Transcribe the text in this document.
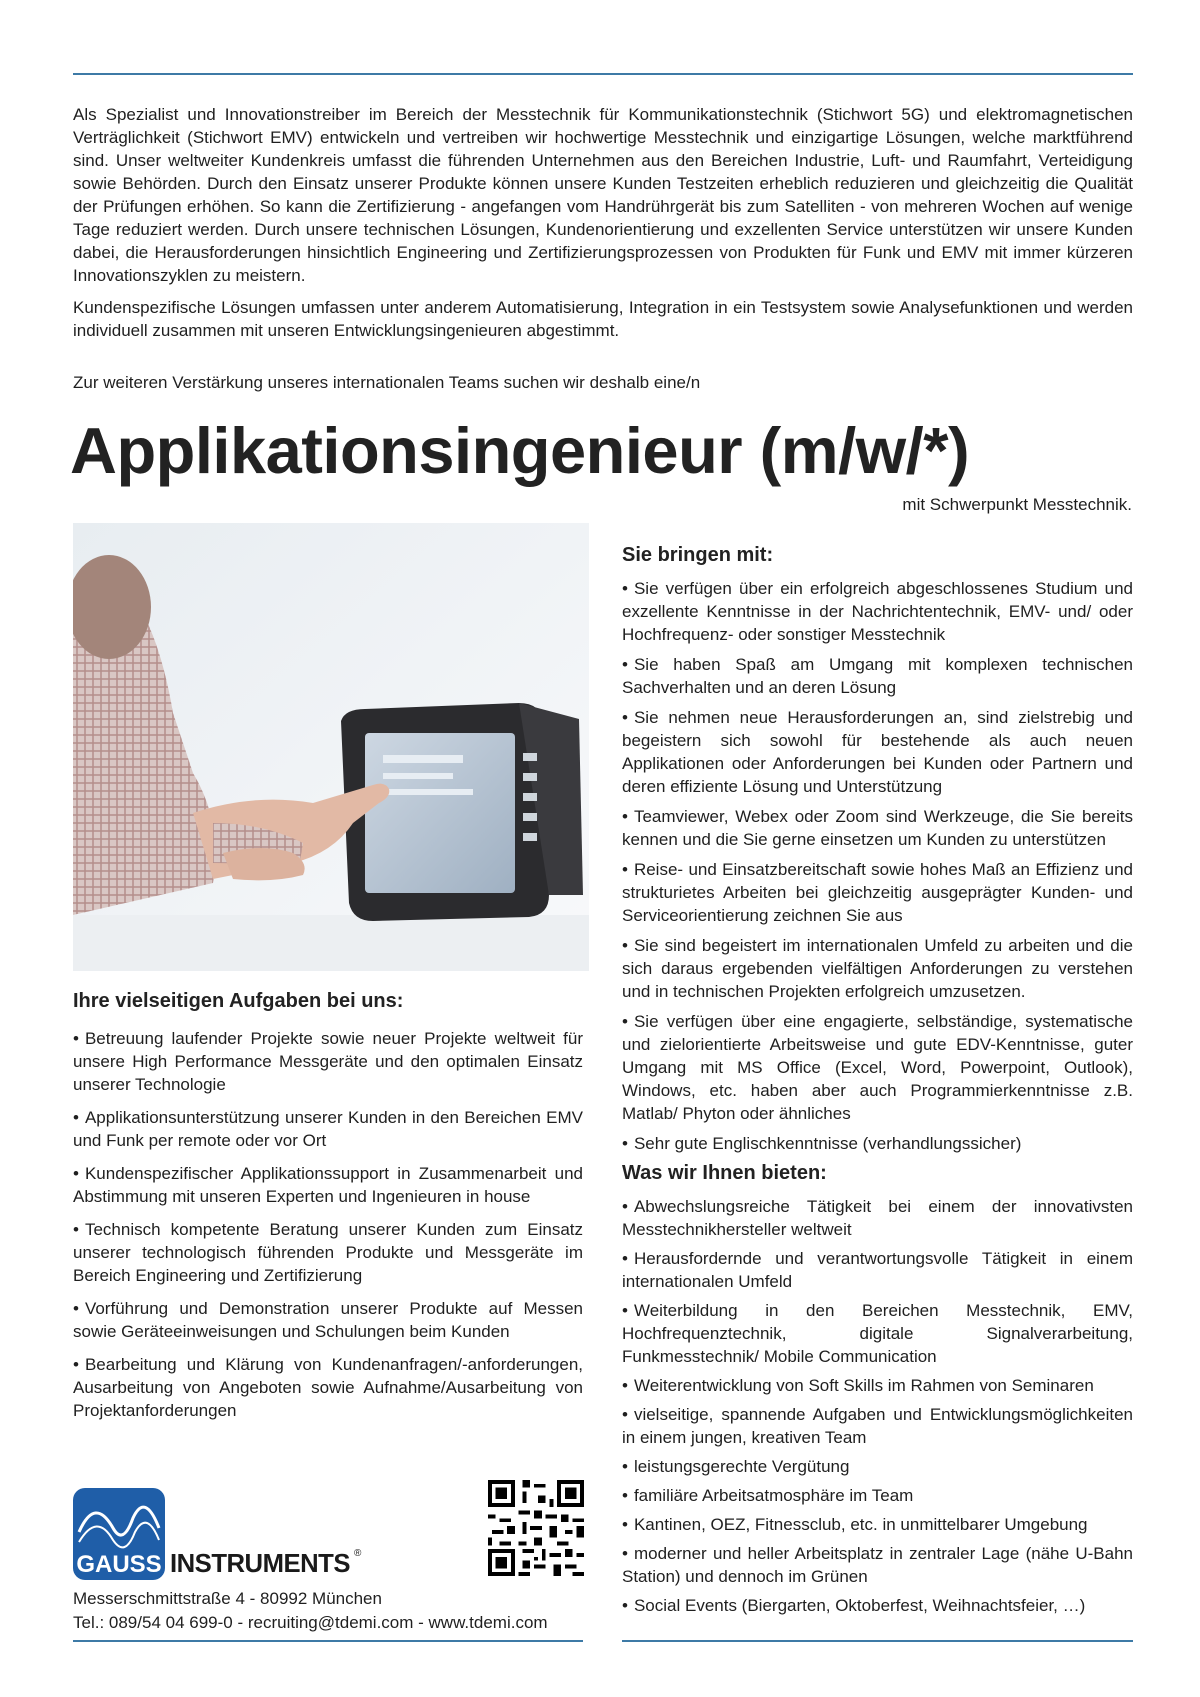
Als Spezialist und Innovationstreiber im Bereich der Messtechnik für Kommunikationstechnik (Stichwort 5G) und elektromagnetischen Verträglichkeit (Stichwort EMV) entwickeln und vertreiben wir hochwertige Messtechnik und einzigartige Lösungen, welche marktführend sind. Unser weltweiter Kundenkreis umfasst die führenden Unternehmen aus den Bereichen Industrie, Luft- und Raumfahrt, Verteidigung sowie Behörden. Durch den Einsatz unserer Produkte können unsere Kunden Testzeiten erheblich reduzieren und gleichzeitig die Qualität der Prüfungen erhöhen. So kann die Zertifizierung - angefangen vom Handrührgerät bis zum Satelliten - von mehreren Wochen auf wenige Tage reduziert werden. Durch unsere technischen Lösungen, Kundenorientierung und exzellenten Service unterstützen wir unsere Kunden dabei, die Herausforderungen hinsichtlich Engineering und Zertifizierungsprozessen von Produkten für Funk und EMV mit immer kürzeren Innovationszyklen zu meistern.

Kundenspezifische Lösungen umfassen unter anderem Automatisierung, Integration in ein Testsystem sowie Analysefunktionen und werden individuell zusammen mit unseren Entwicklungsingenieuren abgestimmt.

Zur weiteren Verstärkung unseres internationalen Teams suchen wir deshalb eine/n
Applikationsingenieur (m/w/*)
mit Schwerpunkt Messtechnik.
Ihre vielseitigen Aufgaben bei uns:
• Betreuung laufender Projekte sowie neuer Projekte weltweit für unsere High Performance Messgeräte und den optimalen Einsatz unserer Technologie
• Applikationsunterstützung unserer Kunden in den Bereichen EMV und Funk per remote oder vor Ort
• Kundenspezifischer Applikationssupport in Zusammenarbeit und Abstimmung mit unseren Experten und Ingenieuren in house
• Technisch kompetente Beratung unserer Kunden zum Einsatz unserer technologisch führenden Produkte und Messgeräte im Bereich Engineering und Zertifizierung
• Vorführung und Demonstration unserer Produkte auf Messen sowie Geräteeinweisungen und Schulungen beim Kunden
• Bearbeitung und Klärung von Kundenanfragen/-anforderungen, Ausarbeitung von Angeboten sowie Aufnahme/Ausarbeitung von Projektanforderungen
Sie bringen mit:
• Sie verfügen über ein erfolgreich abgeschlossenes Studium und exzellente Kenntnisse in der Nachrichtentechnik, EMV- und/ oder Hochfrequenz- oder sonstiger Messtechnik
• Sie haben Spaß am Umgang mit komplexen technischen Sachverhalten und an deren Lösung
• Sie nehmen neue Herausforderungen an, sind zielstrebig und begeistern sich sowohl für bestehende als auch neuen Applikationen oder Anforderungen bei Kunden oder Partnern und deren effiziente Lösung und Unterstützung
• Teamviewer, Webex oder Zoom sind Werkzeuge, die Sie bereits kennen und die Sie gerne einsetzen um Kunden zu unterstützen
• Reise- und Einsatzbereitschaft sowie hohes Maß an Effizienz und strukturietes Arbeiten bei gleichzeitig ausgeprägter Kunden- und Serviceorientierung zeichnen Sie aus
• Sie sind begeistert im internationalen Umfeld zu arbeiten und die sich daraus ergebenden vielfältigen Anforderungen zu verstehen und in technischen Projekten erfolgreich umzusetzen.
• Sie verfügen über eine engagierte, selbständige, systematische und zielorientierte Arbeitsweise und gute EDV-Kenntnisse, guter Umgang mit MS Office (Excel, Word, Powerpoint, Outlook), Windows, etc. haben aber auch Programmierkenntnisse z.B. Matlab/ Phyton oder ähnliches
• Sehr gute Englischkenntnisse (verhandlungssicher)
Was wir Ihnen bieten:
• Abwechslungsreiche Tätigkeit bei einem der innovativsten Messtechnikhersteller weltweit
• Herausfordernde und verantwortungsvolle Tätigkeit in einem internationalen Umfeld
• Weiterbildung in den Bereichen Messtechnik, EMV, Hochfrequenztechnik, digitale Signalverarbeitung, Funkmesstechnik/ Mobile Communication
• Weiterentwicklung von Soft Skills im Rahmen von Seminaren
• vielseitige, spannende Aufgaben und Entwicklungsmöglichkeiten in einem jungen, kreativen Team
• leistungsgerechte Vergütung
• familiäre Arbeitsatmosphäre im Team
• Kantinen, OEZ, Fitnessclub, etc. in unmittelbarer Umgebung
• moderner und heller Arbeitsplatz in zentraler Lage (nähe U-Bahn Station) und dennoch im Grünen
• Social Events (Biergarten, Oktoberfest, Weihnachtsfeier, …)
GAUSS INSTRUMENTS ®
Messerschmittstraße 4 - 80992 München
Tel.: 089/54 04 699-0 - recruiting@tdemi.com - www.tdemi.com
